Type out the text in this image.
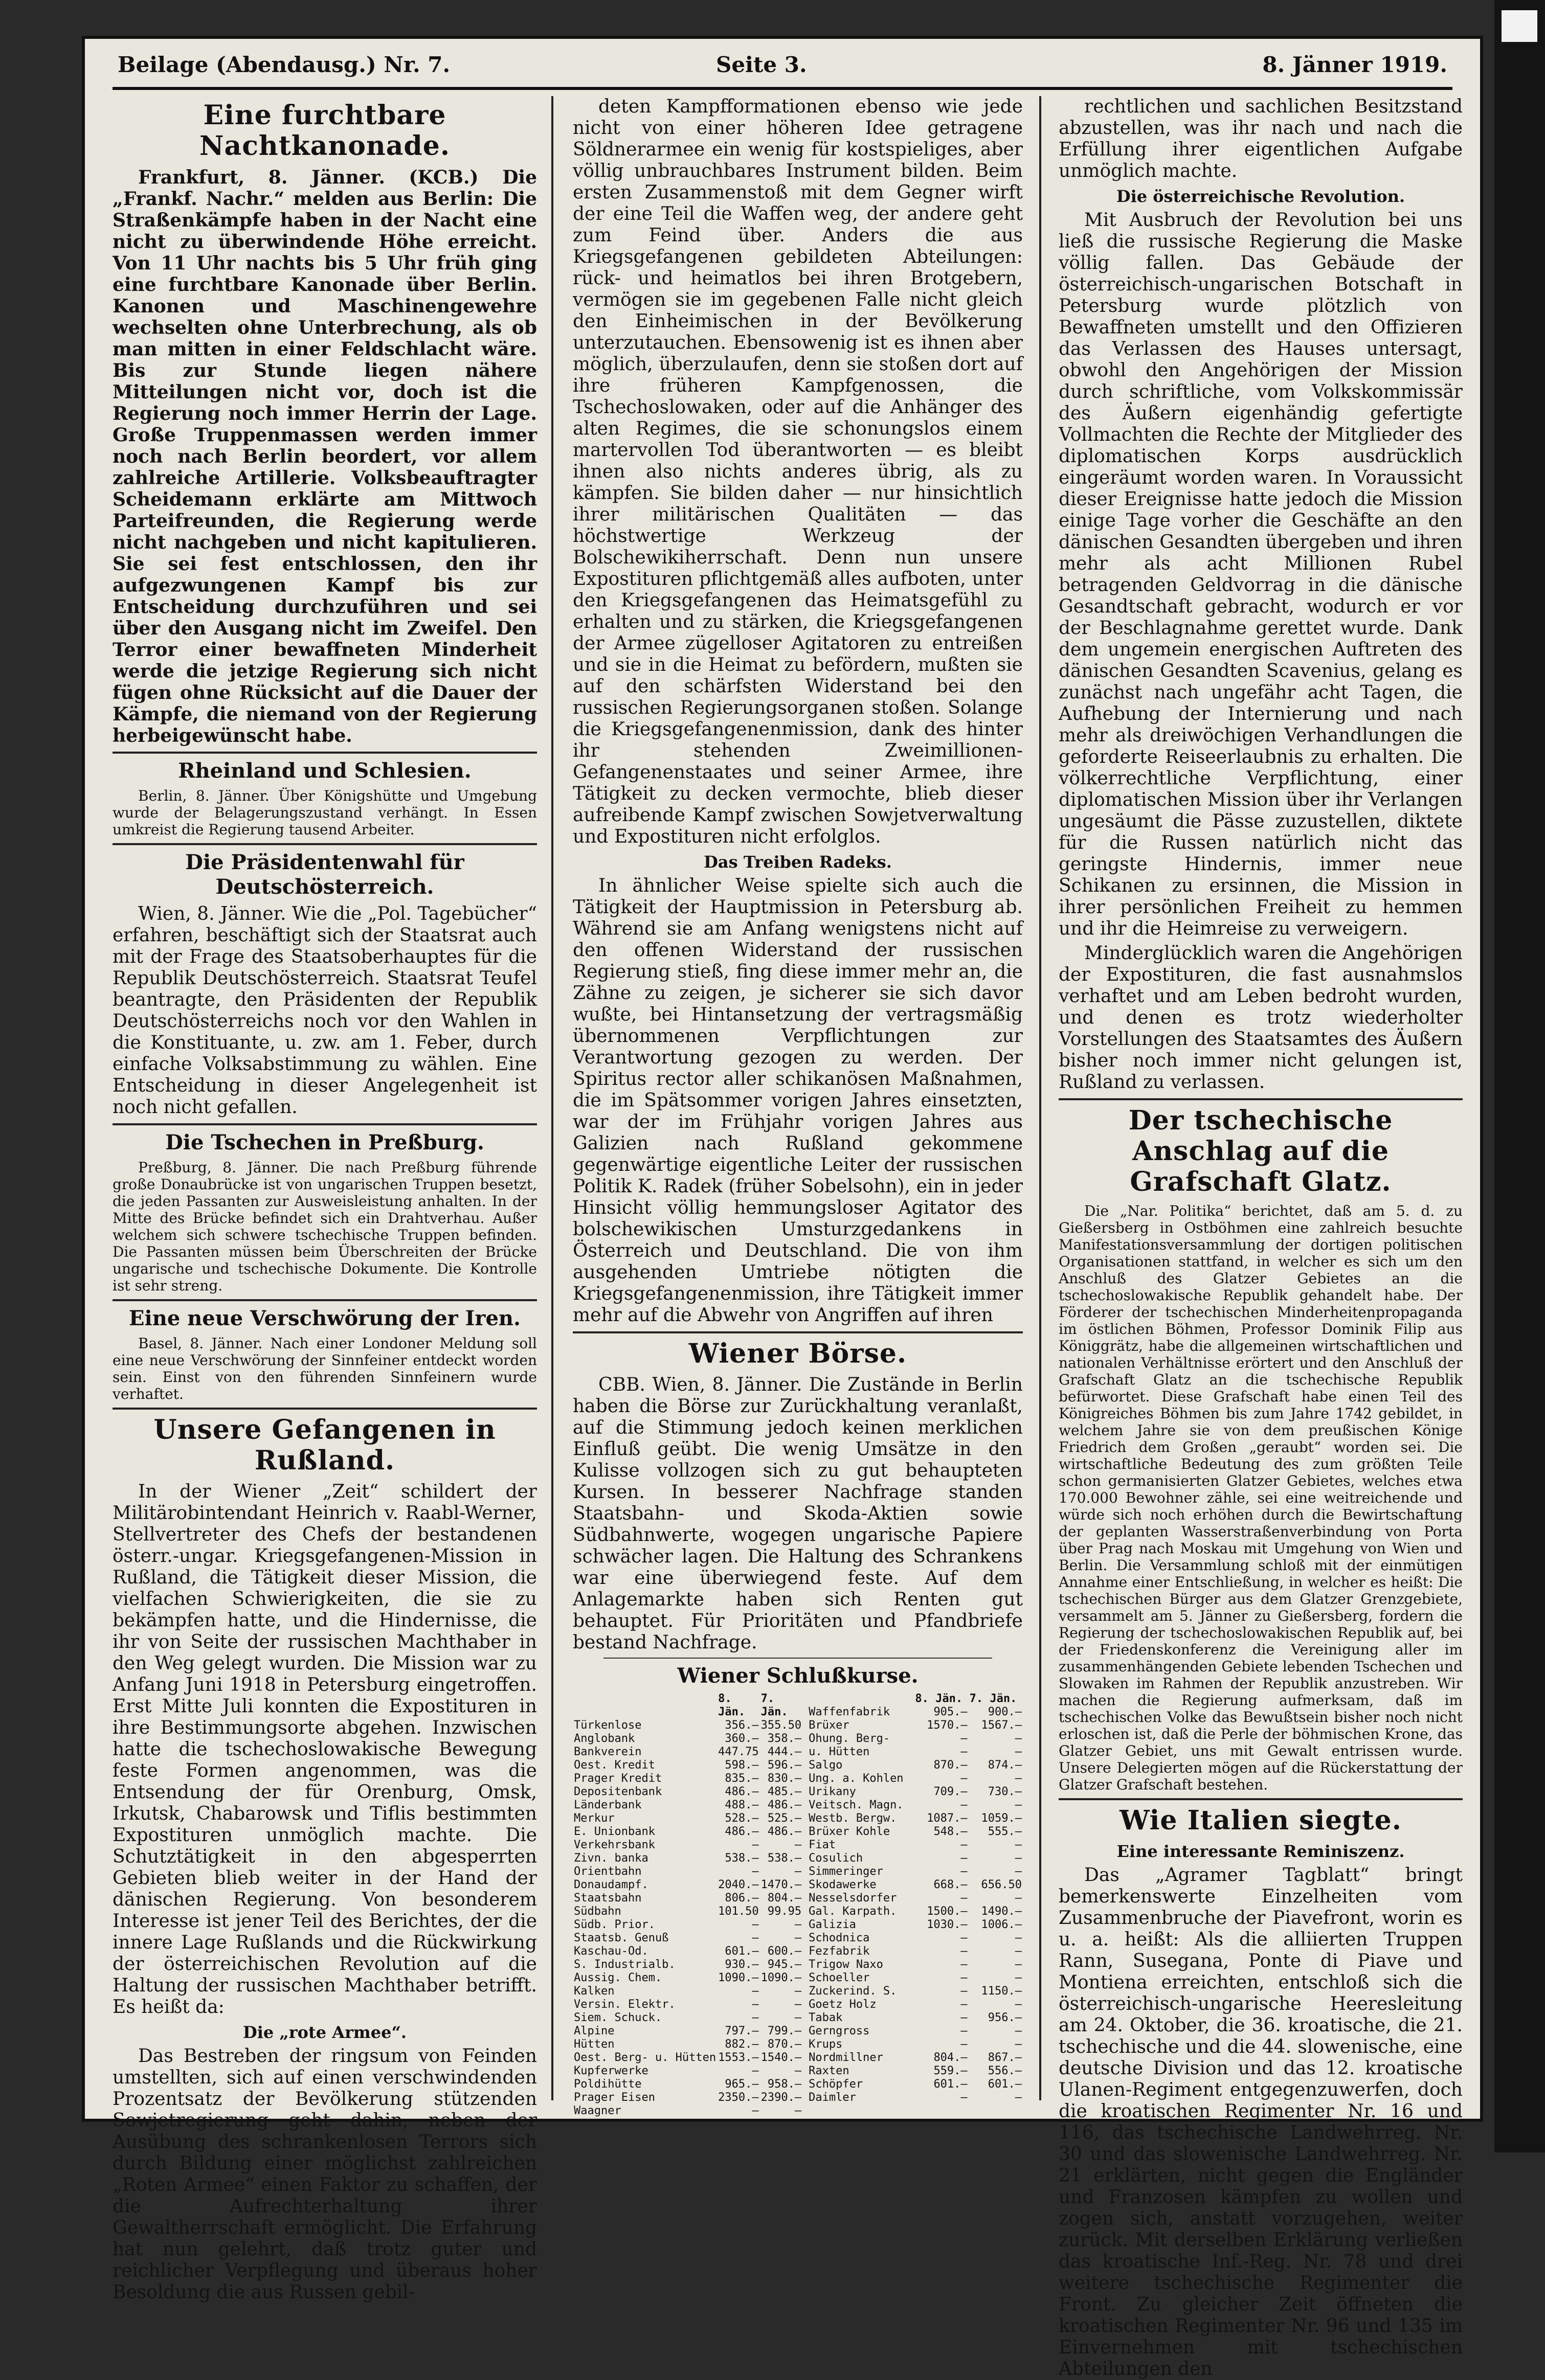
Beilage (Abendausg.) Nr. 7.	Seite 3.	8. Jänner 1919.
Eine furchtbare Nachtkanonade.

Frankfurt, 8. Jänner. (KCB.) Die „Frankf. Nachr.“ melden aus Berlin: Die Straßenkämpfe haben in der Nacht eine nicht zu überwindende Höhe erreicht. Von 11 Uhr nachts bis 5 Uhr früh ging eine furchtbare Kanonade über Berlin. Kanonen und Maschinengewehre wechselten ohne Unterbrechung, als ob man mitten in einer Feldschlacht wäre. Bis zur Stunde liegen nähere Mitteilungen nicht vor, doch ist die Regierung noch immer Herrin der Lage. Große Truppenmassen werden immer noch nach Berlin beordert, vor allem zahlreiche Artillerie. Volksbeauftragter Scheidemann erklärte am Mittwoch Parteifreunden, die Regierung werde nicht nachgeben und nicht kapitulieren. Sie sei fest entschlossen, den ihr aufgezwungenen Kampf bis zur Entscheidung durchzuführen und sei über den Ausgang nicht im Zweifel. Den Terror einer bewaffneten Minderheit werde die jetzige Regierung sich nicht fügen ohne Rücksicht auf die Dauer der Kämpfe, die niemand von der Regierung herbeigewünscht habe.

Rheinland und Schlesien.

Berlin, 8. Jänner. Über Königshütte und Umgebung wurde der Belagerungszustand verhängt. In Essen umkreist die Regierung tausend Arbeiter.

Die Präsidentenwahl für Deutschösterreich.

Wien, 8. Jänner. Wie die „Pol. Tagebücher“ erfahren, beschäftigt sich der Staatsrat auch mit der Frage des Staatsoberhauptes für die Republik Deutschösterreich. Staatsrat Teufel beantragte, den Präsidenten der Republik Deutschösterreichs noch vor den Wahlen in die Konstituante, u. zw. am 1. Feber, durch einfache Volksabstimmung zu wählen. Eine Entscheidung in dieser Angelegenheit ist noch nicht gefallen.

Die Tschechen in Preßburg.

Preßburg, 8. Jänner. Die nach Preßburg führende große Donaubrücke ist von ungarischen Truppen besetzt, die jeden Passanten zur Ausweisleistung anhalten. In der Mitte des Brücke befindet sich ein Drahtverhau. Außer welchem sich schwere tschechische Truppen befinden. Die Passanten müssen beim Überschreiten der Brücke ungarische und tschechische Dokumente. Die Kontrolle ist sehr streng.

Eine neue Verschwörung der Iren.

Basel, 8. Jänner. Nach einer Londoner Meldung soll eine neue Verschwörung der Sinnfeiner entdeckt worden sein. Einst von den führenden Sinnfeinern wurde verhaftet.

Unsere Gefangenen in Rußland.

In der Wiener „Zeit“ schildert der Militärobintendant Heinrich v. Raabl-Werner, Stellvertreter des Chefs der bestandenen österr.-ungar. Kriegsgefangenen-Mission in Rußland, die Tätigkeit dieser Mission, die vielfachen Schwierigkeiten, die sie zu bekämpfen hatte, und die Hindernisse, die ihr von Seite der russischen Machthaber in den Weg gelegt wurden. Die Mission war zu Anfang Juni 1918 in Petersburg eingetroffen. Erst Mitte Juli konnten die Expostituren in ihre Bestimmungsorte abgehen. Inzwischen hatte die tschechoslowakische Bewegung feste Formen angenommen, was die Entsendung der für Orenburg, Omsk, Irkutsk, Chabarowsk und Tiflis bestimmten Expostituren unmöglich machte. Die Schutztätigkeit in den abgesperrten Gebieten blieb weiter in der Hand der dänischen Regierung. Von besonderem Interesse ist jener Teil des Berichtes, der die innere Lage Rußlands und die Rückwirkung der österreichischen Revolution auf die Haltung der russischen Machthaber betrifft. Es heißt da:

Die „rote Armee“.

Das Bestreben der ringsum von Feinden umstellten, sich auf einen verschwindenden Prozentsatz der Bevölkerung stützenden Sowjetregierung geht dahin, neben der Ausübung des schrankenlosen Terrors sich durch Bildung einer möglichst zahlreichen „Roten Armee“ einen Faktor zu schaffen, der die Aufrechterhaltung ihrer Gewaltherrschaft ermöglicht. Die Erfahrung hat nun gelehrt, daß trotz guter und reichlicher Verpflegung und überaus hoher Besoldung die aus Russen gebil-

deten Kampfformationen ebenso wie jede nicht von einer höheren Idee getragene Söldnerarmee ein wenig für kostspieliges, aber völlig unbrauchbares Instrument bilden. Beim ersten Zusammenstoß mit dem Gegner wirft der eine Teil die Waffen weg, der andere geht zum Feind über. Anders die aus Kriegsgefangenen gebildeten Abteilungen: rück- und heimatlos bei ihren Brotgebern, vermögen sie im gegebenen Falle nicht gleich den Einheimischen in der Bevölkerung unterzutauchen. Ebensowenig ist es ihnen aber möglich, überzulaufen, denn sie stoßen dort auf ihre früheren Kampfgenossen, die Tschechoslowaken, oder auf die Anhänger des alten Regimes, die sie schonungslos einem martervollen Tod überantworten — es bleibt ihnen also nichts anderes übrig, als zu kämpfen. Sie bilden daher — nur hinsichtlich ihrer militärischen Qualitäten — das höchstwertige Werkzeug der Bolschewikiherrschaft. Denn nun unsere Expostituren pflichtgemäß alles aufboten, unter den Kriegsgefangenen das Heimatsgefühl zu erhalten und zu stärken, die Kriegsgefangenen der Armee zügelloser Agitatoren zu entreißen und sie in die Heimat zu befördern, mußten sie auf den schärfsten Widerstand bei den russischen Regierungsorganen stoßen. Solange die Kriegsgefangenenmission, dank des hinter ihr stehenden Zweimillionen-Gefangenenstaates und seiner Armee, ihre Tätigkeit zu decken vermochte, blieb dieser aufreibende Kampf zwischen Sowjetverwaltung und Expostituren nicht erfolglos.

Das Treiben Radeks.

In ähnlicher Weise spielte sich auch die Tätigkeit der Hauptmission in Petersburg ab. Während sie am Anfang wenigstens nicht auf den offenen Widerstand der russischen Regierung stieß, fing diese immer mehr an, die Zähne zu zeigen, je sicherer sie sich davor wußte, bei Hintansetzung der vertragsmäßig übernommenen Verpflichtungen zur Verantwortung gezogen zu werden. Der Spiritus rector aller schikanösen Maßnahmen, die im Spätsommer vorigen Jahres einsetzten, war der im Frühjahr vorigen Jahres aus Galizien nach Rußland gekommene gegenwärtige eigentliche Leiter der russischen Politik K. Radek (früher Sobelsohn), ein in jeder Hinsicht völlig hemmungsloser Agitator des bolschewikischen Umsturzgedankens in Österreich und Deutschland. Die von ihm ausgehenden Umtriebe nötigten die Kriegsgefangenenmission, ihre Tätigkeit immer mehr auf die Abwehr von Angriffen auf ihren

Wiener Börse.

CBB. Wien, 8. Jänner. Die Zustände in Berlin haben die Börse zur Zurückhaltung veranlaßt, auf die Stimmung jedoch keinen merklichen Einfluß geübt. Die wenig Umsätze in den Kulisse vollzogen sich zu gut behaupteten Kursen. In besserer Nachfrage standen Staatsbahn- und Skoda-Aktien sowie Südbahnwerte, wogegen ungarische Papiere schwächer lagen. Die Haltung des Schrankens war eine überwiegend feste. Auf dem Anlagemarkte haben sich Renten gut behauptet. Für Prioritäten und Pfandbriefe bestand Nachfrage.

Wiener Schlußkurse.
	8. Jän.	7. Jän.
Türkenlose	356.—	355.50
Anglobank	360.—	358.—
Bankverein	447.75	444.—
Oest. Kredit	598.—	596.—
Prager Kredit	835.—	830.—
Depositenbank	486.—	485.—
Länderbank	488.—	486.—
Merkur	528.—	525.—
E. Unionbank	486.—	486.—
Verkehrsbank	—	—
Zivn. banka	538.—	538.—
Orientbahn	—	—
Donaudampf.	2040.—	1470.—
Staatsbahn	806.—	804.—
Südbahn	101.50	99.95
Südb. Prior.	—	—
Staatsb. Genuß	—	—
Kaschau-Od.	601.—	600.—
S. Industrialb.	930.—	945.—
Aussig. Chem.	1090.—	1090.—
Kalken	—	—
Versin. Elektr.	—	—
Siem. Schuck.	—	—
Alpine	797.—	799.—
Hütten	882.—	870.—
Oest. Berg- u. Hütten	1553.—	1540.—
Kupferwerke	—	—
Poldihütte	965.—	958.—
Prager Eisen	2350.—	2390.—
Waagner	—	—
	8. Jän.	7. Jän.
Waffenfabrik	905.—	900.—
Brüxer	1570.—	1567.—
Ohung. Berg-	—	—
u. Hütten	—	—
Salgo	870.—	874.—
Ung. a. Kohlen	—	—
Urikany	709.—	730.—
Veitsch. Magn.	—	—
Westb. Bergw.	1087.—	1059.—
Brüxer Kohle	548.—	555.—
Fiat	—	—
Cosulich	—	—
Simmeringer	—	—
Skodawerke	668.—	656.50
Nesselsdorfer	—	—
Gal. Karpath.	1500.—	1490.—
Galizia	1030.—	1006.—
Schodnica	—	—
Fezfabrik	—	—
Trigow Naxo	—	—
Schoeller	—	—
Zuckerind. S.	—	1150.—
Goetz Holz	—	—
Tabak	—	956.—
Gerngross	—	—
Krups	—	—
Nordmillner	804.—	867.—
Raxten	559.—	556.—
Schöpfer	601.—	601.—
Daimler	—	—

rechtlichen und sachlichen Besitzstand abzustellen, was ihr nach und nach die Erfüllung ihrer eigentlichen Aufgabe unmöglich machte.

Die österreichische Revolution.

Mit Ausbruch der Revolution bei uns ließ die russische Regierung die Maske völlig fallen. Das Gebäude der österreichisch-ungarischen Botschaft in Petersburg wurde plötzlich von Bewaffneten umstellt und den Offizieren das Verlassen des Hauses untersagt, obwohl den Angehörigen der Mission durch schriftliche, vom Volkskommissär des Äußern eigenhändig gefertigte Vollmachten die Rechte der Mitglieder des diplomatischen Korps ausdrücklich eingeräumt worden waren. In Voraussicht dieser Ereignisse hatte jedoch die Mission einige Tage vorher die Geschäfte an den dänischen Gesandten übergeben und ihren mehr als acht Millionen Rubel betragenden Geldvorrag in die dänische Gesandtschaft gebracht, wodurch er vor der Beschlagnahme gerettet wurde. Dank dem ungemein energischen Auftreten des dänischen Gesandten Scavenius, gelang es zunächst nach ungefähr acht Tagen, die Aufhebung der Internierung und nach mehr als dreiwöchigen Verhandlungen die geforderte Reiseerlaubnis zu erhalten. Die völkerrechtliche Verpflichtung, einer diplomatischen Mission über ihr Verlangen ungesäumt die Pässe zuzustellen, diktete für die Russen natürlich nicht das geringste Hindernis, immer neue Schikanen zu ersinnen, die Mission in ihrer persönlichen Freiheit zu hemmen und ihr die Heimreise zu verweigern.

Minderglücklich waren die Angehörigen der Expostituren, die fast ausnahmslos verhaftet und am Leben bedroht wurden, und denen es trotz wiederholter Vorstellungen des Staatsamtes des Äußern bisher noch immer nicht gelungen ist, Rußland zu verlassen.

Der tschechische Anschlag auf die Grafschaft Glatz.

Die „Nar. Politika“ berichtet, daß am 5. d. zu Gießersberg in Ostböhmen eine zahlreich besuchte Manifestationsversammlung der dortigen politischen Organisationen stattfand, in welcher es sich um den Anschluß des Glatzer Gebietes an die tschechoslowakische Republik gehandelt habe. Der Förderer der tschechischen Minderheitenpropaganda im östlichen Böhmen, Professor Dominik Filip aus Königgrätz, habe die allgemeinen wirtschaftlichen und nationalen Verhältnisse erörtert und den Anschluß der Grafschaft Glatz an die tschechische Republik befürwortet. Diese Grafschaft habe einen Teil des Königreiches Böhmen bis zum Jahre 1742 gebildet, in welchem Jahre sie von dem preußischen Könige Friedrich dem Großen „geraubt“ worden sei. Die wirtschaftliche Bedeutung des zum größten Teile schon germanisierten Glatzer Gebietes, welches etwa 170.000 Bewohner zähle, sei eine weitreichende und würde sich noch erhöhen durch die Bewirtschaftung der geplanten Wasserstraßenverbindung von Porta über Prag nach Moskau mit Umgehung von Wien und Berlin. Die Versammlung schloß mit der einmütigen Annahme einer Entschließung, in welcher es heißt: Die tschechischen Bürger aus dem Glatzer Grenzgebiete, versammelt am 5. Jänner zu Gießersberg, fordern die Regierung der tschechoslowakischen Republik auf, bei der Friedenskonferenz die Vereinigung aller im zusammenhängenden Gebiete lebenden Tschechen und Slowaken im Rahmen der Republik anzustreben. Wir machen die Regierung aufmerksam, daß im tschechischen Volke das Bewußtsein bisher noch nicht erloschen ist, daß die Perle der böhmischen Krone, das Glatzer Gebiet, uns mit Gewalt entrissen wurde. Unsere Delegierten mögen auf die Rückerstattung der Glatzer Grafschaft bestehen.

Wie Italien siegte.
Eine interessante Reminiszenz.

Das „Agramer Tagblatt“ bringt bemerkenswerte Einzelheiten vom Zusammenbruche der Piavefront, worin es u. a. heißt: Als die alliierten Truppen Rann, Susegana, Ponte di Piave und Montiena erreichten, entschloß sich die österreichisch-ungarische Heeresleitung am 24. Oktober, die 36. kroatische, die 21. tschechische und die 44. slowenische, eine deutsche Division und das 12. kroatische Ulanen-Regiment entgegenzuwerfen, doch die kroatischen Regimenter Nr. 16 und 116, das tschechische Landwehrreg. Nr. 30 und das slowenische Landwehrreg. Nr. 21 erklärten, nicht gegen die Engländer und Franzosen kämpfen zu wollen und zogen sich, anstatt vorzugehen, weiter zurück. Mit derselben Erklärung verließen das kroatische Inf.-Reg. Nr. 78 und drei weitere tschechische Regimenter die Front. Zu gleicher Zeit öffneten die kroatischen Regimenter Nr. 96 und 135 im Einvernehmen mit tschechischen Abteilungen den
